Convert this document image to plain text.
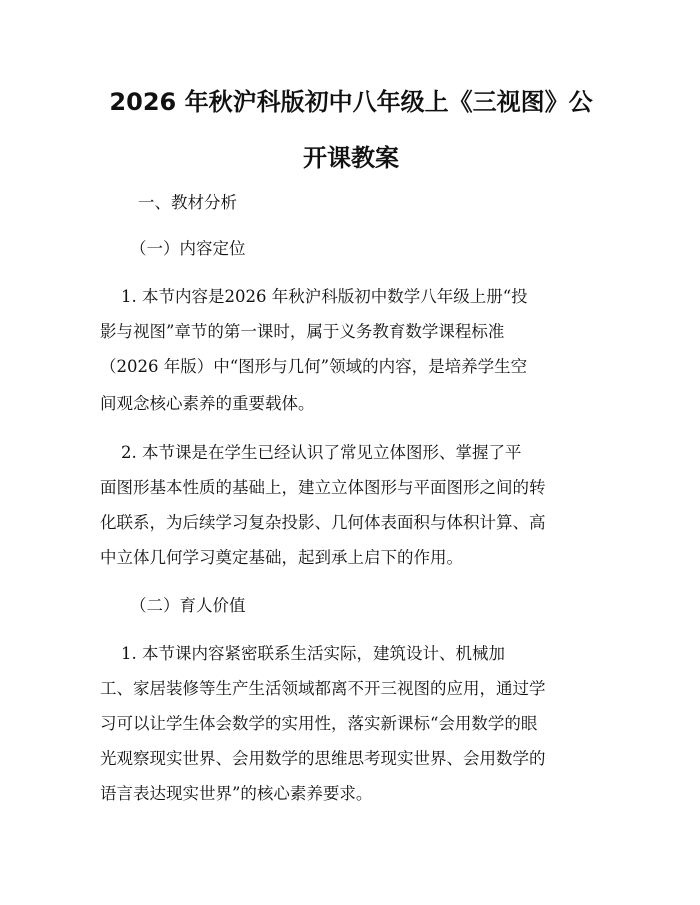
2026 年秋沪科版初中八年级上《三视图》公
开课教案

一、教材分析

（一）内容定位

1. 本节内容是2026 年秋沪科版初中数学八年级上册“投

影与视图”章节的第一课时，属于义务教育数学课程标准

（2026 年版）中“图形与几何”领域的内容，是培养学生空

间观念核心素养的重要载体。

2. 本节课是在学生已经认识了常见立体图形、掌握了平

面图形基本性质的基础上，建立立体图形与平面图形之间的转

化联系，为后续学习复杂投影、几何体表面积与体积计算、高

中立体几何学习奠定基础，起到承上启下的作用。

（二）育人价值

1. 本节课内容紧密联系生活实际，建筑设计、机械加

工、家居装修等生产生活领域都离不开三视图的应用，通过学

习可以让学生体会数学的实用性，落实新课标“会用数学的眼

光观察现实世界、会用数学的思维思考现实世界、会用数学的

语言表达现实世界”的核心素养要求。
